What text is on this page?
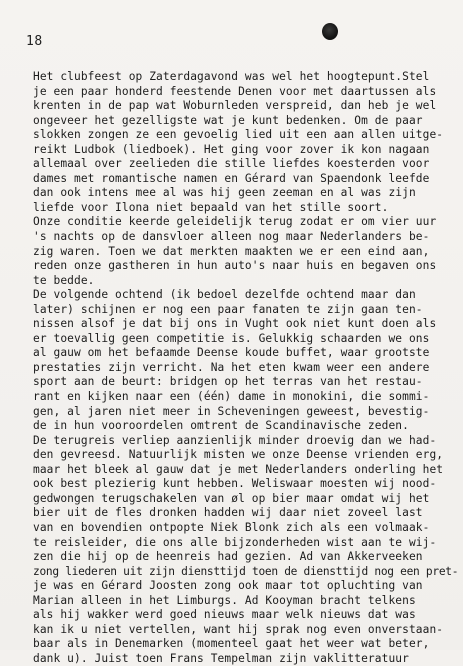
18
Het clubfeest op Zaterdagavond was wel het hoogtepunt.Stel
je een paar honderd feestende Denen voor met daartussen als
krenten in de pap wat Woburnleden verspreid, dan heb je wel
ongeveer het gezelligste wat je kunt bedenken. Om de paar
slokken zongen ze een gevoelig lied uit een aan allen uitge-
reikt Ludbok (liedboek). Het ging voor zover ik kon nagaan
allemaal over zeelieden die stille liefdes koesterden voor
dames met romantische namen en Gérard van Spaendonk leefde
dan ook intens mee al was hij geen zeeman en al was zijn
liefde voor Ilona niet bepaald van het stille soort.
Onze conditie keerde geleidelijk terug zodat er om vier uur
's nachts op de dansvloer alleen nog maar Nederlanders be-
zig waren. Toen we dat merkten maakten we er een eind aan,
reden onze gastheren in hun auto's naar huis en begaven ons
te bedde.
De volgende ochtend (ik bedoel dezelfde ochtend maar dan
later) schijnen er nog een paar fanaten te zijn gaan ten-
nissen alsof je dat bij ons in Vught ook niet kunt doen als
er toevallig geen competitie is. Gelukkig schaarden we ons
al gauw om het befaamde Deense koude buffet, waar grootste
prestaties zijn verricht. Na het eten kwam weer een andere
sport aan de beurt: bridgen op het terras van het restau-
rant en kijken naar een (één) dame in monokini, die sommi-
gen, al jaren niet meer in Scheveningen geweest, bevestig-
de in hun vooroordelen omtrent de Scandinavische zeden.
De terugreis verliep aanzienlijk minder droevig dan we had-
den gevreesd. Natuurlijk misten we onze Deense vrienden erg,
maar het bleek al gauw dat je met Nederlanders onderling het
ook best plezierig kunt hebben. Weliswaar moesten wij nood-
gedwongen terugschakelen van øl op bier maar omdat wij het
bier uit de fles dronken hadden wij daar niet zoveel last
van en bovendien ontpopte Niek Blonk zich als een volmaak-
te reisleider, die ons alle bijzonderheden wist aan te wij-
zen die hij op de heenreis had gezien. Ad van Akkerveeken
zong liederen uit zijn diensttijd toen de diensttijd nog een pret-
je was en Gérard Joosten zong ook maar tot opluchting van
Marian alleen in het Limburgs. Ad Kooyman bracht telkens
als hij wakker werd goed nieuws maar welk nieuws dat was
kan ik u niet vertellen, want hij sprak nog even onverstaan-
baar als in Denemarken (momenteel gaat het weer wat beter,
dank u). Juist toen Frans Tempelman zijn vaklitteratuur
